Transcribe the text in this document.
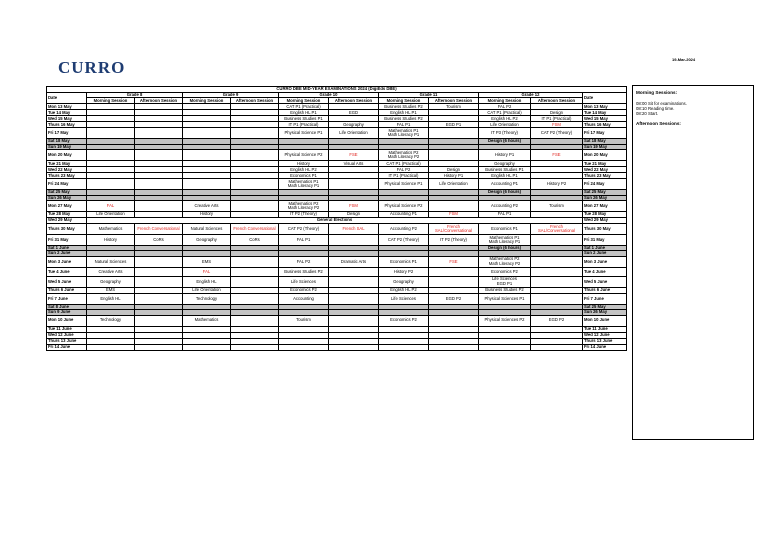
19-Mar-2024
CURRO
CURRO DBE MID-YEAR EXAMINATIONS 2024 (DigiEds DBE)											
Date	Grade 8		Grade 9		Grade 10		Grade 11		Grade 12		Date
	Morning Session	Afternoon Session	Morning Session	Afternoon Session	Morning Session	Afternoon Session	Morning Session	Afternoon Session	Morning Session	Afternoon Session	
Mon 13 May					CAT P1 (Practical)		Business Studies P2	Tourism	FAL P2		Mon 13 May
Tue 14 May					English HL P1	EGD	English HL P1		CAT P1 (Practical)	Design	Tue 14 May
Wed 15 May					Business Studies P1		Business Studies P2		English HL P2	IT P1 (Practical)	Wed 15 May
Thurs 16 May					IT P1 (Practical)	Geography	FAL P1	EGD P1	Life Orientation	FSM	Thurs 16 May
Fri 17 May					Physical Science P1	Life Orientation	Mathematics P1
Math Literacy P1		IT P3 (Theory)	CAT P2 (Theory)	Fri 17 May
Sat 18 May									Design (6 hours)		Sat 18 May
Sun 19 May											Sun 19 May
Mon 20 May					Physical Science P2	FSE	Mathematics P2
Math Literacy P2		History P1	FSE	Mon 20 May
Tue 21 May					History	Visual Arts	CAT P1 (Practical)		Geography		Tue 21 May
Wed 22 May					English HL P2		FAL P2	Design	Business Studies P1		Wed 22 May
Thurs 23 May					Economics P1		IT P1 (Practical)	History P1	English HL P1		Thurs 23 May
Fri 24 May					Mathematics P1
Math Literacy P1		Physical Science P1	Life Orientation	Accounting P1	History P2	Fri 24 May
Sat 25 May									Design (6 hours)		Sat 25 May
Sun 26 May											Sun 26 May
Mon 27 May	FAL		Creative Arts		Mathematics P2
Math Literacy P2	FSM	Physical Science P2		Accounting P2	Tourism	Mon 27 May
Tue 28 May	Life Orientation		History		IT P2 (Theory)	Design	Accounting P1	FSM	FAL P1		Tue 28 May
Wed 29 May	General Elections										Wed 29 May
Thurs 30 May	Mathematics	French Conversational	Natural Sciences	French Conversational	CAT P2 (Theory)	French SAL	Accounting P2	French SAL/Conversational	Economics P1	French SAL/Conversational	Thurs 30 May
Fri 31 May	History	CoRs	Geography	CoRs	FAL P1		CAT P2 (Theory)	IT P2 (Theory)	Mathematics P1
Math Literacy P1		Fri 31 May
Sat 1 June									Design (6 hours)		Sat 1 June
Sun 2 June											Sun 2 June
Mon 3 June	Natural Sciences		EMS		FAL P2	Dramatic Arts	Economics P1	FSE	Mathematics P2
Math Literacy P2		Mon 3 June
Tue 4 June	Creative Arts		FAL		Business Studies P2		History P2		Economics P2		Tue 4 June
Wed 5 June	Geography		English HL		Life Sciences		Geography		Life Sciences
EGD P1		Wed 5 June
Thurs 6 June	EMS		Life Orientation		Economics P2		English HL P2		Business Studies P2		Thurs 6 June
Fri 7 June	English HL		Technology		Accounting		Life Sciences	EGD P2	Physical Sciences P1		Fri 7 June
Sat 8 June											Sat 25 May
Sun 9 June											Sun 26 May
Mon 10 June	Technology		Mathematics		Tourism		Economics P2		Physical Sciences P2	EGD P2	Mon 10 June
Tue 11 June											Tue 11 June
Wed 12 June											Wed 12 June
Thurs 13 June											Thurs 13 June
Fri 14 June											Fri 14 June
Morning Sessions:
08:00 Sit for examinations.
08:10 Reading time.
08:20 Start.
Afternoon Sessions:
